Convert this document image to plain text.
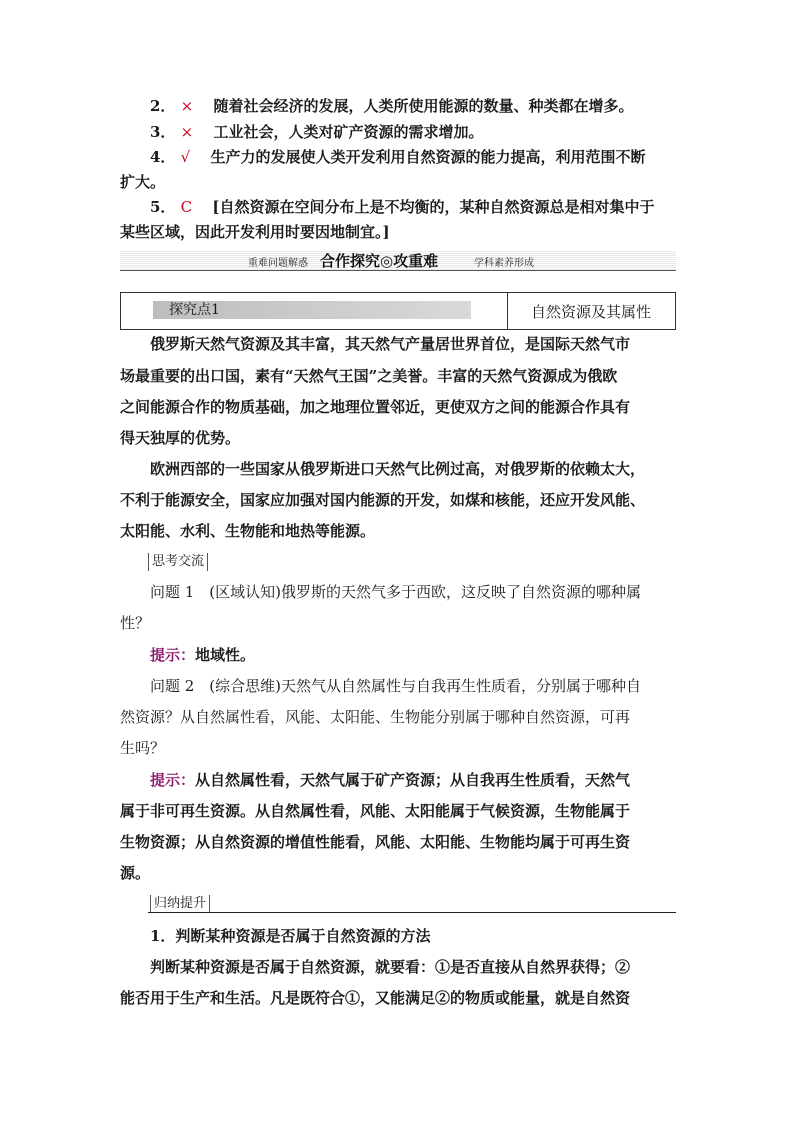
2． ×　 随着社会经济的发展，人类所使用能源的数量、种类都在增多。
3． ×　 工业社会，人类对矿产资源的需求增加。
4． √　 生产力的发展使人类开发利用自然资源的能力提高，利用范围不断
扩大。
5． C　 [自然资源在空间分布上是不均衡的，某种自然资源总是相对集中于
某些区域，因此开发利用时要因地制宜。]
重难问题解惑 合作探究◎攻重难	学科素养形成
探究点1	自然资源及其属性
俄罗斯天然气资源及其丰富，其天然气产量居世界首位，是国际天然气市
场最重要的出口国，素有“天然气王国”之美誉。丰富的天然气资源成为俄欧
之间能源合作的物质基础，加之地理位置邻近，更使双方之间的能源合作具有
得天独厚的优势。
欧洲西部的一些国家从俄罗斯进口天然气比例过高，对俄罗斯的依赖太大，
不利于能源安全，国家应加强对国内能源的开发，如煤和核能，还应开发风能、
太阳能、水利、生物能和地热等能源。
思考交流
问题 1　(区域认知)俄罗斯的天然气多于西欧，这反映了自然资源的哪种属
性？
提示：地域性。
问题 2　(综合思维)天然气从自然属性与自我再生性质看，分别属于哪种自
然资源？从自然属性看，风能、太阳能、生物能分别属于哪种自然资源，可再
生吗？
提示：从自然属性看，天然气属于矿产资源；从自我再生性质看，天然气
属于非可再生资源。从自然属性看，风能、太阳能属于气候资源，生物能属于
生物资源；从自然资源的增值性能看，风能、太阳能、生物能均属于可再生资
源。
归纳提升
1．判断某种资源是否属于自然资源的方法
判断某种资源是否属于自然资源，就要看：①是否直接从自然界获得；②
能否用于生产和生活。凡是既符合①，又能满足②的物质或能量，就是自然资
